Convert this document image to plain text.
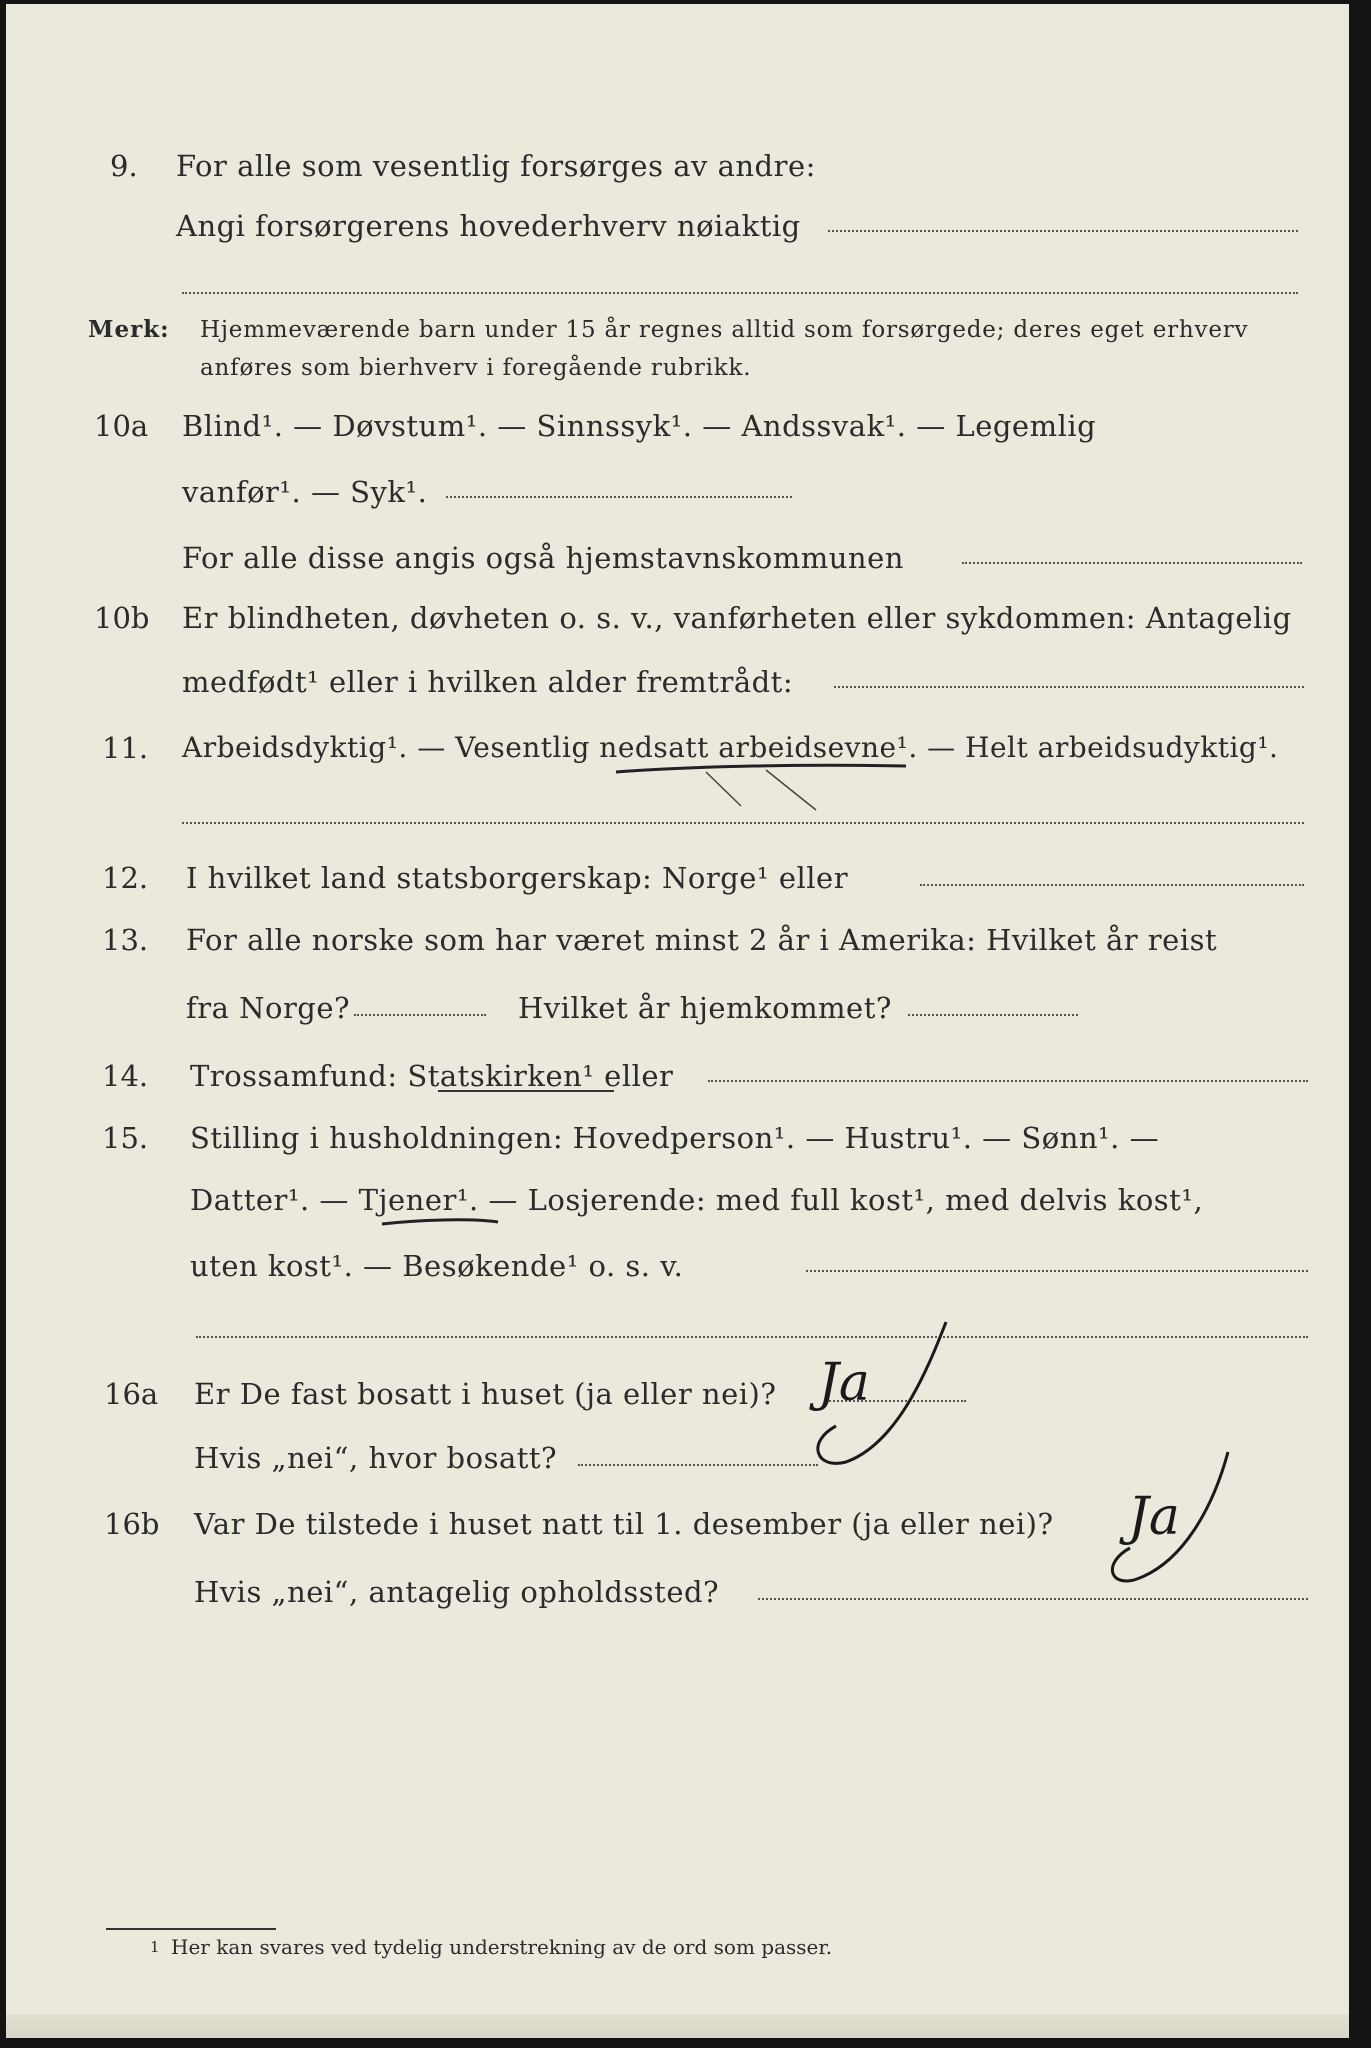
9. For alle som vesentlig forsørges av andre:
Angi forsørgerens hovederhverv nøiaktig
Merk: Hjemmeværende barn under 15 år regnes alltid som forsørgede; deres eget erhverv
anføres som bierhverv i foregående rubrikk.
10a Blind¹. — Døvstum¹. — Sinnssyk¹. — Andssvak¹. — Legemlig
vanfør¹. — Syk¹.
For alle disse angis også hjemstavnskommunen
10b Er blindheten, døvheten o. s. v., vanførheten eller sykdommen: Antagelig
medfødt¹ eller i hvilken alder fremtrådt:
11. Arbeidsdyktig¹. — Vesentlig nedsatt arbeidsevne¹. — Helt arbeidsudyktig¹.
12. I hvilket land statsborgerskap: Norge¹ eller
13. For alle norske som har været minst 2 år i Amerika: Hvilket år reist
fra Norge?	Hvilket år hjemkommet?
14. Trossamfund: Statskirken¹ eller
15. Stilling i husholdningen: Hovedperson¹. — Hustru¹. — Sønn¹. —
Datter¹. — Tjener¹. — Losjerende: med full kost¹, med delvis kost¹,
uten kost¹. — Besøkende¹ o. s. v.
16a Er De fast bosatt i huset (ja eller nei)?
Hvis „nei“, hvor bosatt?
Ja
16b Var De tilstede i huset natt til 1. desember (ja eller nei)?
Hvis „nei“, antagelig opholdssted?
Ja
1 Her kan svares ved tydelig understrekning av de ord som passer.
